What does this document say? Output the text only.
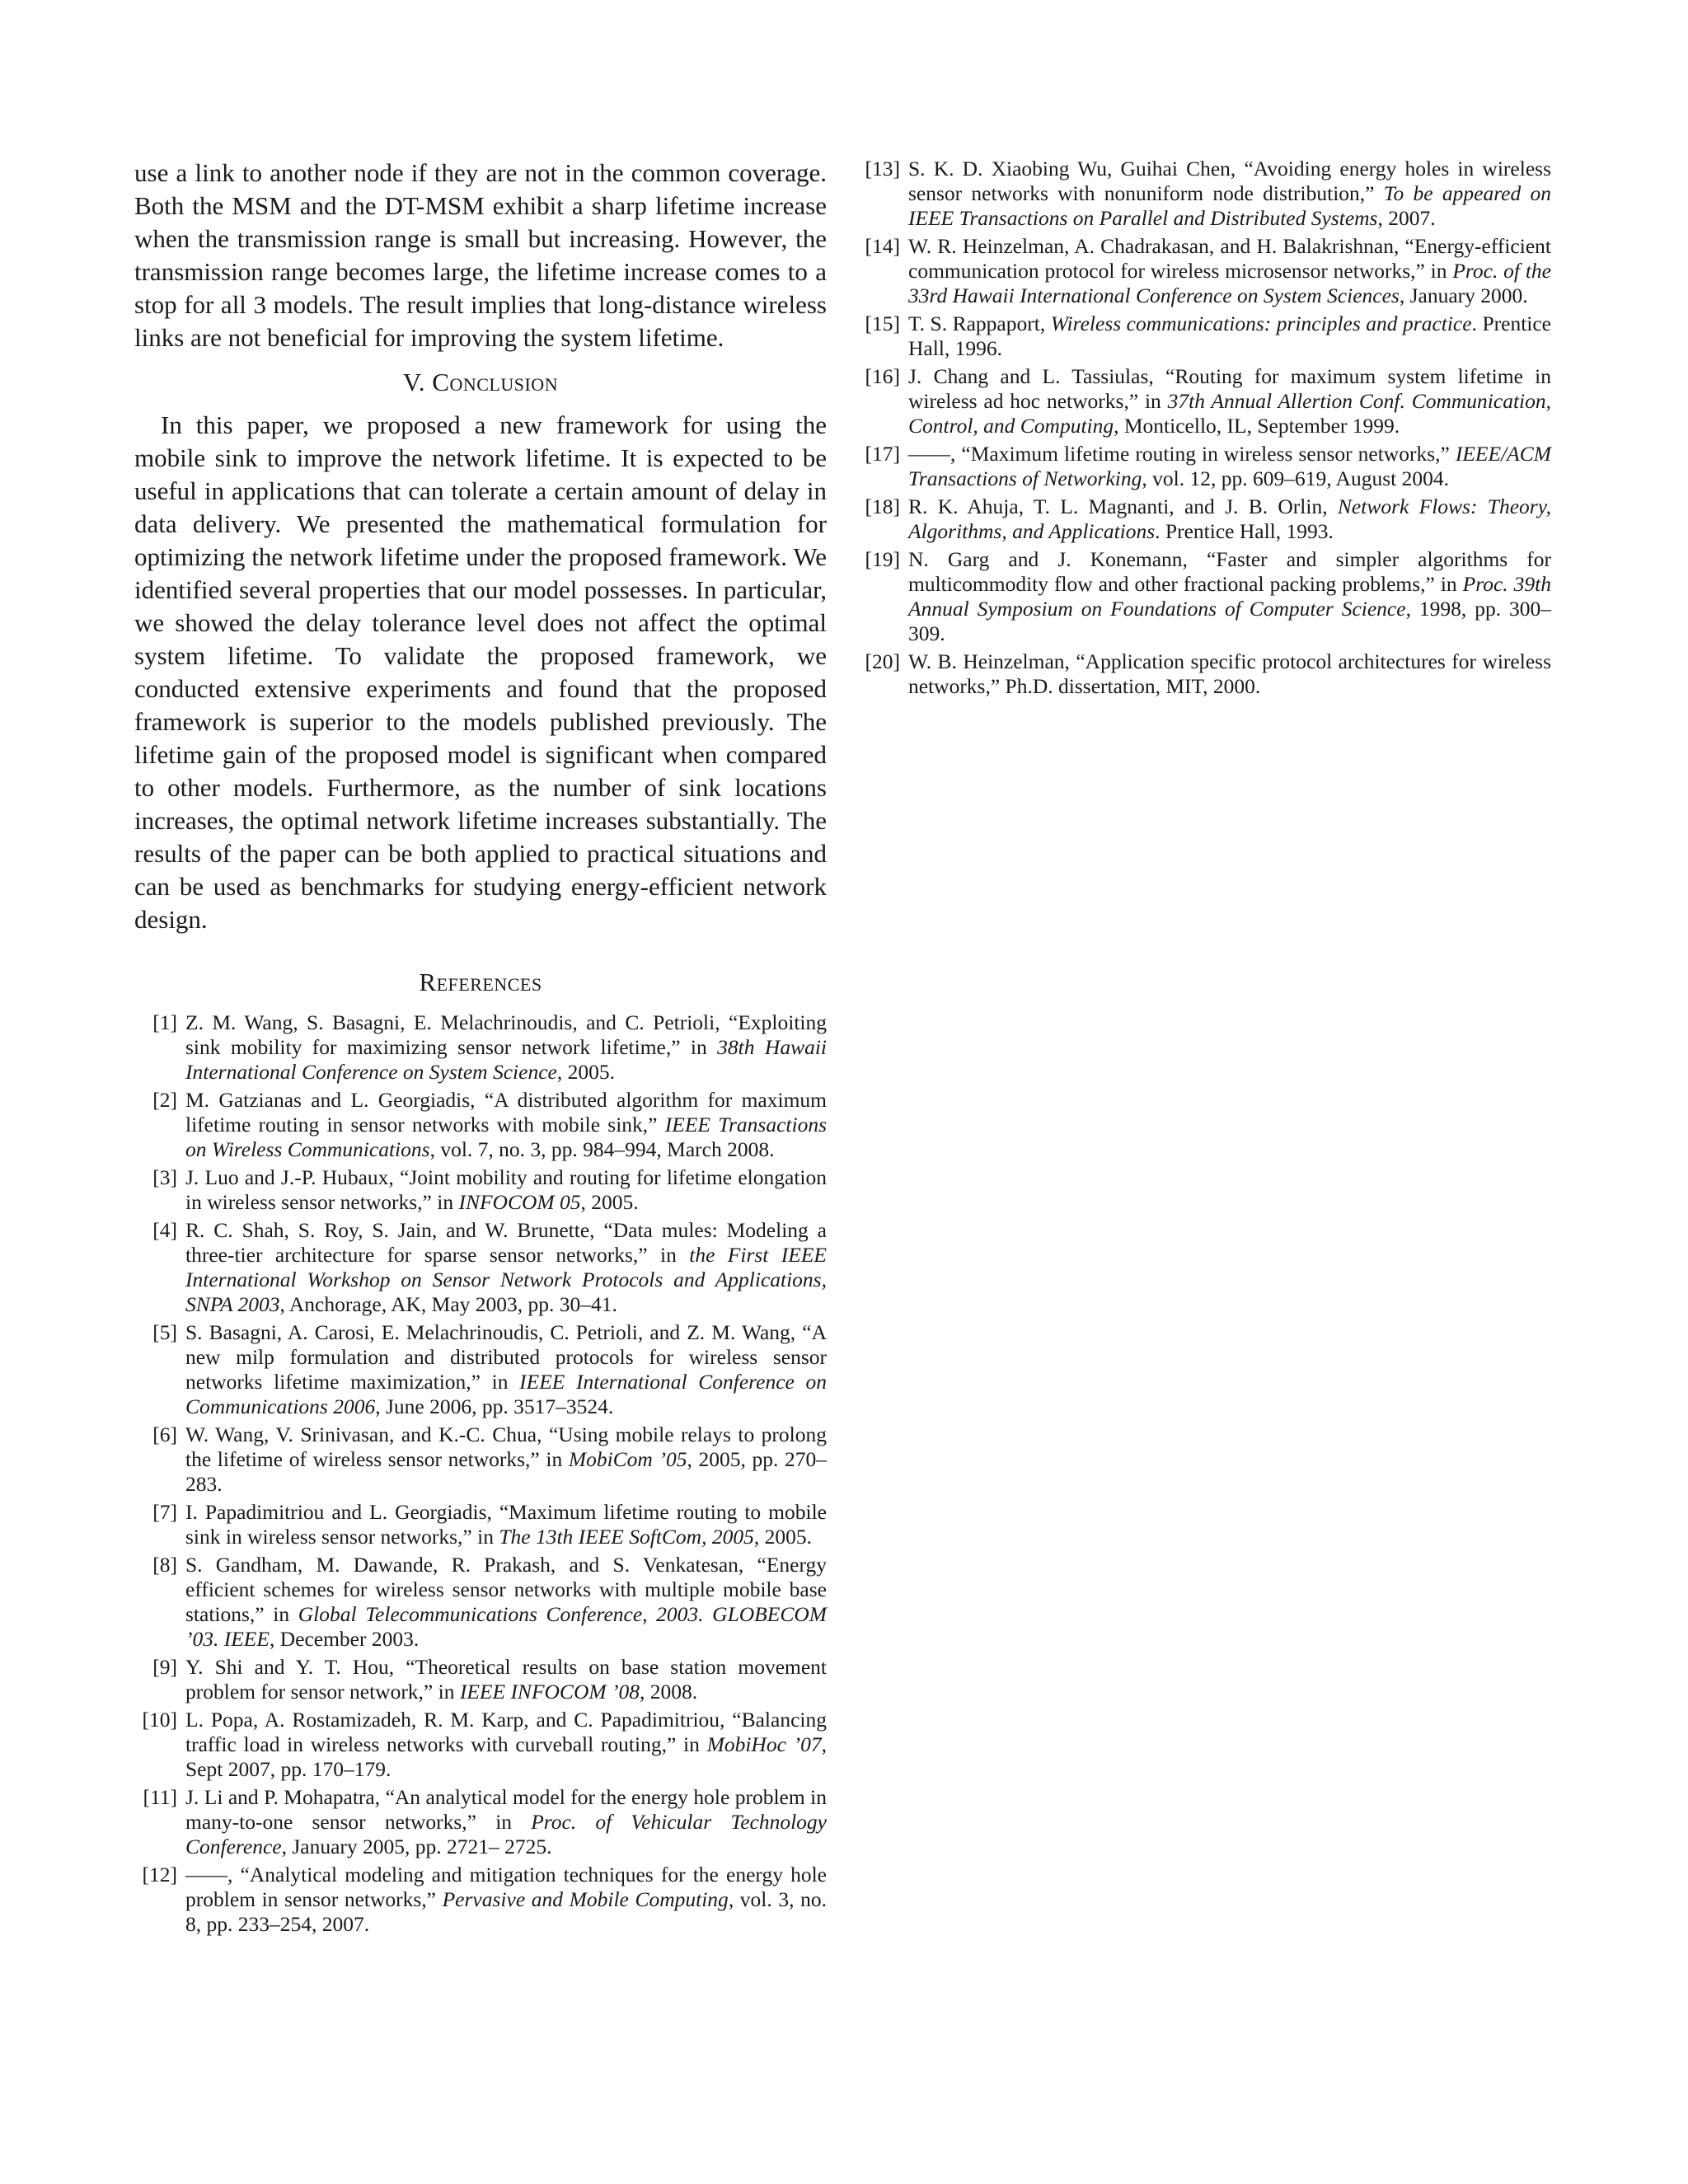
use a link to another node if they are not in the common coverage. Both the MSM and the DT-MSM exhibit a sharp lifetime increase when the transmission range is small but increasing. However, the transmission range becomes large, the lifetime increase comes to a stop for all 3 models. The result implies that long-distance wireless links are not beneficial for improving the system lifetime.

V. Conclusion

In this paper, we proposed a new framework for using the mobile sink to improve the network lifetime. It is expected to be useful in applications that can tolerate a certain amount of delay in data delivery. We presented the mathematical formulation for optimizing the network lifetime under the proposed framework. We identified several properties that our model possesses. In particular, we showed the delay tolerance level does not affect the optimal system lifetime. To validate the proposed framework, we conducted extensive experiments and found that the proposed framework is superior to the models published previously. The lifetime gain of the proposed model is significant when compared to other models. Furthermore, as the number of sink locations increases, the optimal network lifetime increases substantially. The results of the paper can be both applied to practical situations and can be used as benchmarks for studying energy-efficient network design.

References
[1] Z. M. Wang, S. Basagni, E. Melachrinoudis, and C. Petrioli, “Exploiting sink mobility for maximizing sensor network lifetime,” in 38th Hawaii International Conference on System Science, 2005.
[2] M. Gatzianas and L. Georgiadis, “A distributed algorithm for maximum lifetime routing in sensor networks with mobile sink,” IEEE Transactions on Wireless Communications, vol. 7, no. 3, pp. 984–994, March 2008.
[3] J. Luo and J.-P. Hubaux, “Joint mobility and routing for lifetime elongation in wireless sensor networks,” in INFOCOM 05, 2005.
[4] R. C. Shah, S. Roy, S. Jain, and W. Brunette, “Data mules: Modeling a three-tier architecture for sparse sensor networks,” in the First IEEE International Workshop on Sensor Network Protocols and Applications, SNPA 2003, Anchorage, AK, May 2003, pp. 30–41.
[5] S. Basagni, A. Carosi, E. Melachrinoudis, C. Petrioli, and Z. M. Wang, “A new milp formulation and distributed protocols for wireless sensor networks lifetime maximization,” in IEEE International Conference on Communications 2006, June 2006, pp. 3517–3524.
[6] W. Wang, V. Srinivasan, and K.-C. Chua, “Using mobile relays to prolong the lifetime of wireless sensor networks,” in MobiCom ’05, 2005, pp. 270–283.
[7] I. Papadimitriou and L. Georgiadis, “Maximum lifetime routing to mobile sink in wireless sensor networks,” in The 13th IEEE SoftCom, 2005, 2005.
[8] S. Gandham, M. Dawande, R. Prakash, and S. Venkatesan, “Energy efficient schemes for wireless sensor networks with multiple mobile base stations,” in Global Telecommunications Conference, 2003. GLOBECOM ’03. IEEE, December 2003.
[9] Y. Shi and Y. T. Hou, “Theoretical results on base station movement problem for sensor network,” in IEEE INFOCOM ’08, 2008.
[10] L. Popa, A. Rostamizadeh, R. M. Karp, and C. Papadimitriou, “Balancing traffic load in wireless networks with curveball routing,” in MobiHoc ’07, Sept 2007, pp. 170–179.
[11] J. Li and P. Mohapatra, “An analytical model for the energy hole problem in many-to-one sensor networks,” in Proc. of Vehicular Technology Conference, January 2005, pp. 2721– 2725.
[12] ——, “Analytical modeling and mitigation techniques for the energy hole problem in sensor networks,” Pervasive and Mobile Computing, vol. 3, no. 8, pp. 233–254, 2007.
[13] S. K. D. Xiaobing Wu, Guihai Chen, “Avoiding energy holes in wireless sensor networks with nonuniform node distribution,” To be appeared on IEEE Transactions on Parallel and Distributed Systems, 2007.
[14] W. R. Heinzelman, A. Chadrakasan, and H. Balakrishnan, “Energy-efficient communication protocol for wireless microsensor networks,” in Proc. of the 33rd Hawaii International Conference on System Sciences, January 2000.
[15] T. S. Rappaport, Wireless communications: principles and practice. Prentice Hall, 1996.
[16] J. Chang and L. Tassiulas, “Routing for maximum system lifetime in wireless ad hoc networks,” in 37th Annual Allertion Conf. Communication, Control, and Computing, Monticello, IL, September 1999.
[17] ——, “Maximum lifetime routing in wireless sensor networks,” IEEE/ACM Transactions of Networking, vol. 12, pp. 609–619, August 2004.
[18] R. K. Ahuja, T. L. Magnanti, and J. B. Orlin, Network Flows: Theory, Algorithms, and Applications. Prentice Hall, 1993.
[19] N. Garg and J. Konemann, “Faster and simpler algorithms for multicommodity flow and other fractional packing problems,” in Proc. 39th Annual Symposium on Foundations of Computer Science, 1998, pp. 300–309.
[20] W. B. Heinzelman, “Application specific protocol architectures for wireless networks,” Ph.D. dissertation, MIT, 2000.
